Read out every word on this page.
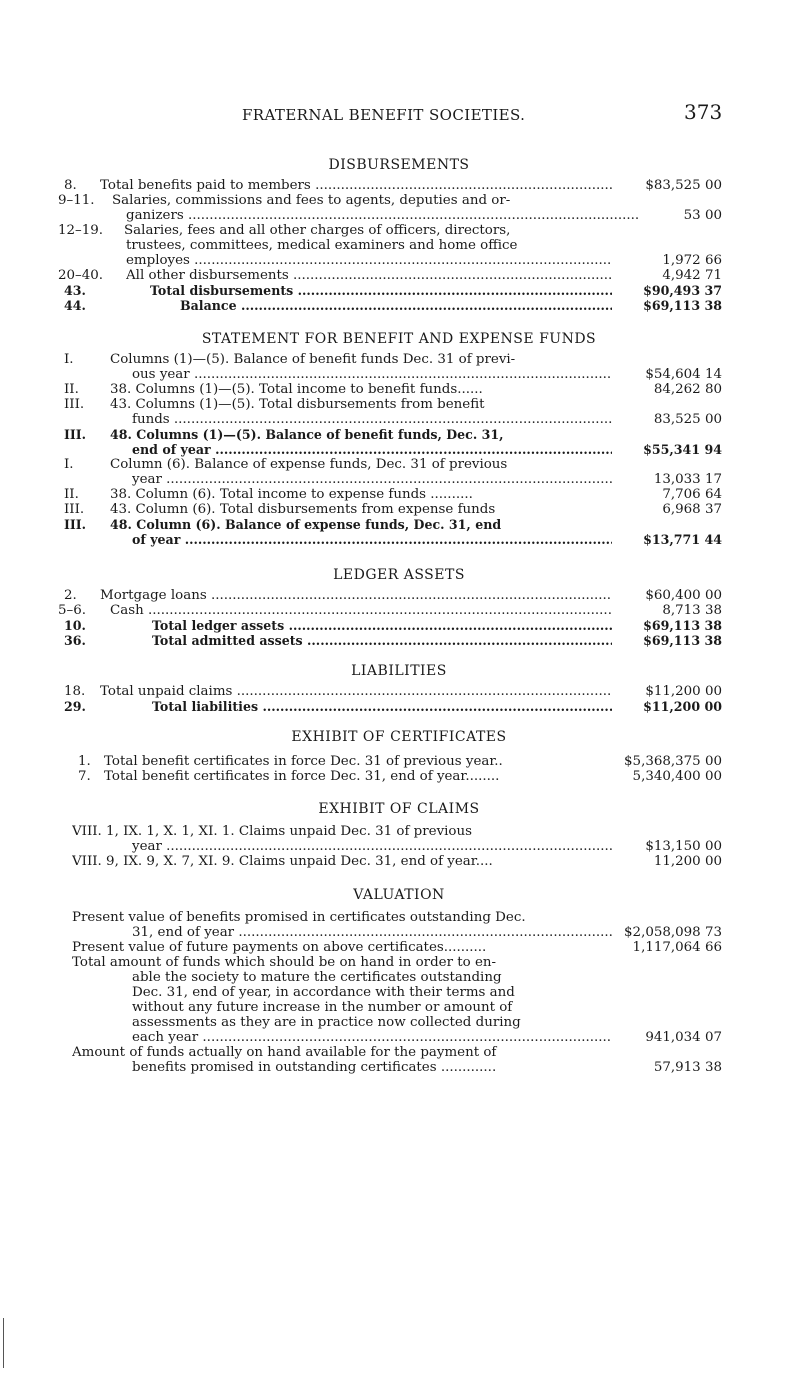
FRATERNAL BENEFIT SOCIETIES.	373
DISBURSEMENTS
8. Total benefits paid to members .....	$83,525 00
9–11. Salaries, commissions and fees to agents, deputies and or-
ganizers .....	53 00
12–19. Salaries, fees and all other charges of officers, directors,
trustees, committees, medical examiners and home office
employes .....	1,972 66
20–40. All other disbursements .....	4,942 71
43.	Total disbursements .....	$90,493 37
44.	Balance .....	$69,113 38
STATEMENT FOR BENEFIT AND EXPENSE FUNDS
I.	Columns (1)—(5). Balance of benefit funds Dec. 31 of previ-
ous year .....	$54,604 14
II. 38. Columns (1)—(5). Total income to benefit funds......	84,262 80
III. 43. Columns (1)—(5). Total disbursements from benefit
funds .....	83,525 00
III. 48. Columns (1)—(5). Balance of benefit funds, Dec. 31,
end of year .....	$55,341 94
I.	Column (6). Balance of expense funds, Dec. 31 of previous
year .....	13,033 17
II. 38. Column (6). Total income to expense funds ..........	7,706 64
III. 43. Column (6). Total disbursements from expense funds	6,968 37
III. 48. Column (6). Balance of expense funds, Dec. 31, end
of year .....	$13,771 44
LEDGER ASSETS
2. Mortgage loans .....	$60,400 00
5–6. Cash .....	8,713 38
10.	Total ledger assets .....	$69,113 38
36.	Total admitted assets .....	$69,113 38
LIABILITIES
18. Total unpaid claims .....	$11,200 00
29.	Total liabilities .....	$11,200 00
EXHIBIT OF CERTIFICATES
1. Total benefit certificates in force Dec. 31 of previous year..	$5,368,375 00
7. Total benefit certificates in force Dec. 31, end of year........	5,340,400 00
EXHIBIT OF CLAIMS
VIII. 1, IX. 1, X. 1, XI. 1. Claims unpaid Dec. 31 of previous
year .....	$13,150 00
VIII. 9, IX. 9, X. 7, XI. 9. Claims unpaid Dec. 31, end of year....	11,200 00
VALUATION
Present value of benefits promised in certificates outstanding Dec.
31, end of year .....	$2,058,098 73
Present value of future payments on above certificates..........	1,117,064 66
Total amount of funds which should be on hand in order to en-
able the society to mature the certificates outstanding
Dec. 31, end of year, in accordance with their terms and
without any future increase in the number or amount of
assessments as they are in practice now collected during
each year .....	941,034 07
Amount of funds actually on hand available for the payment of
benefits promised in outstanding certificates .............	57,913 38
